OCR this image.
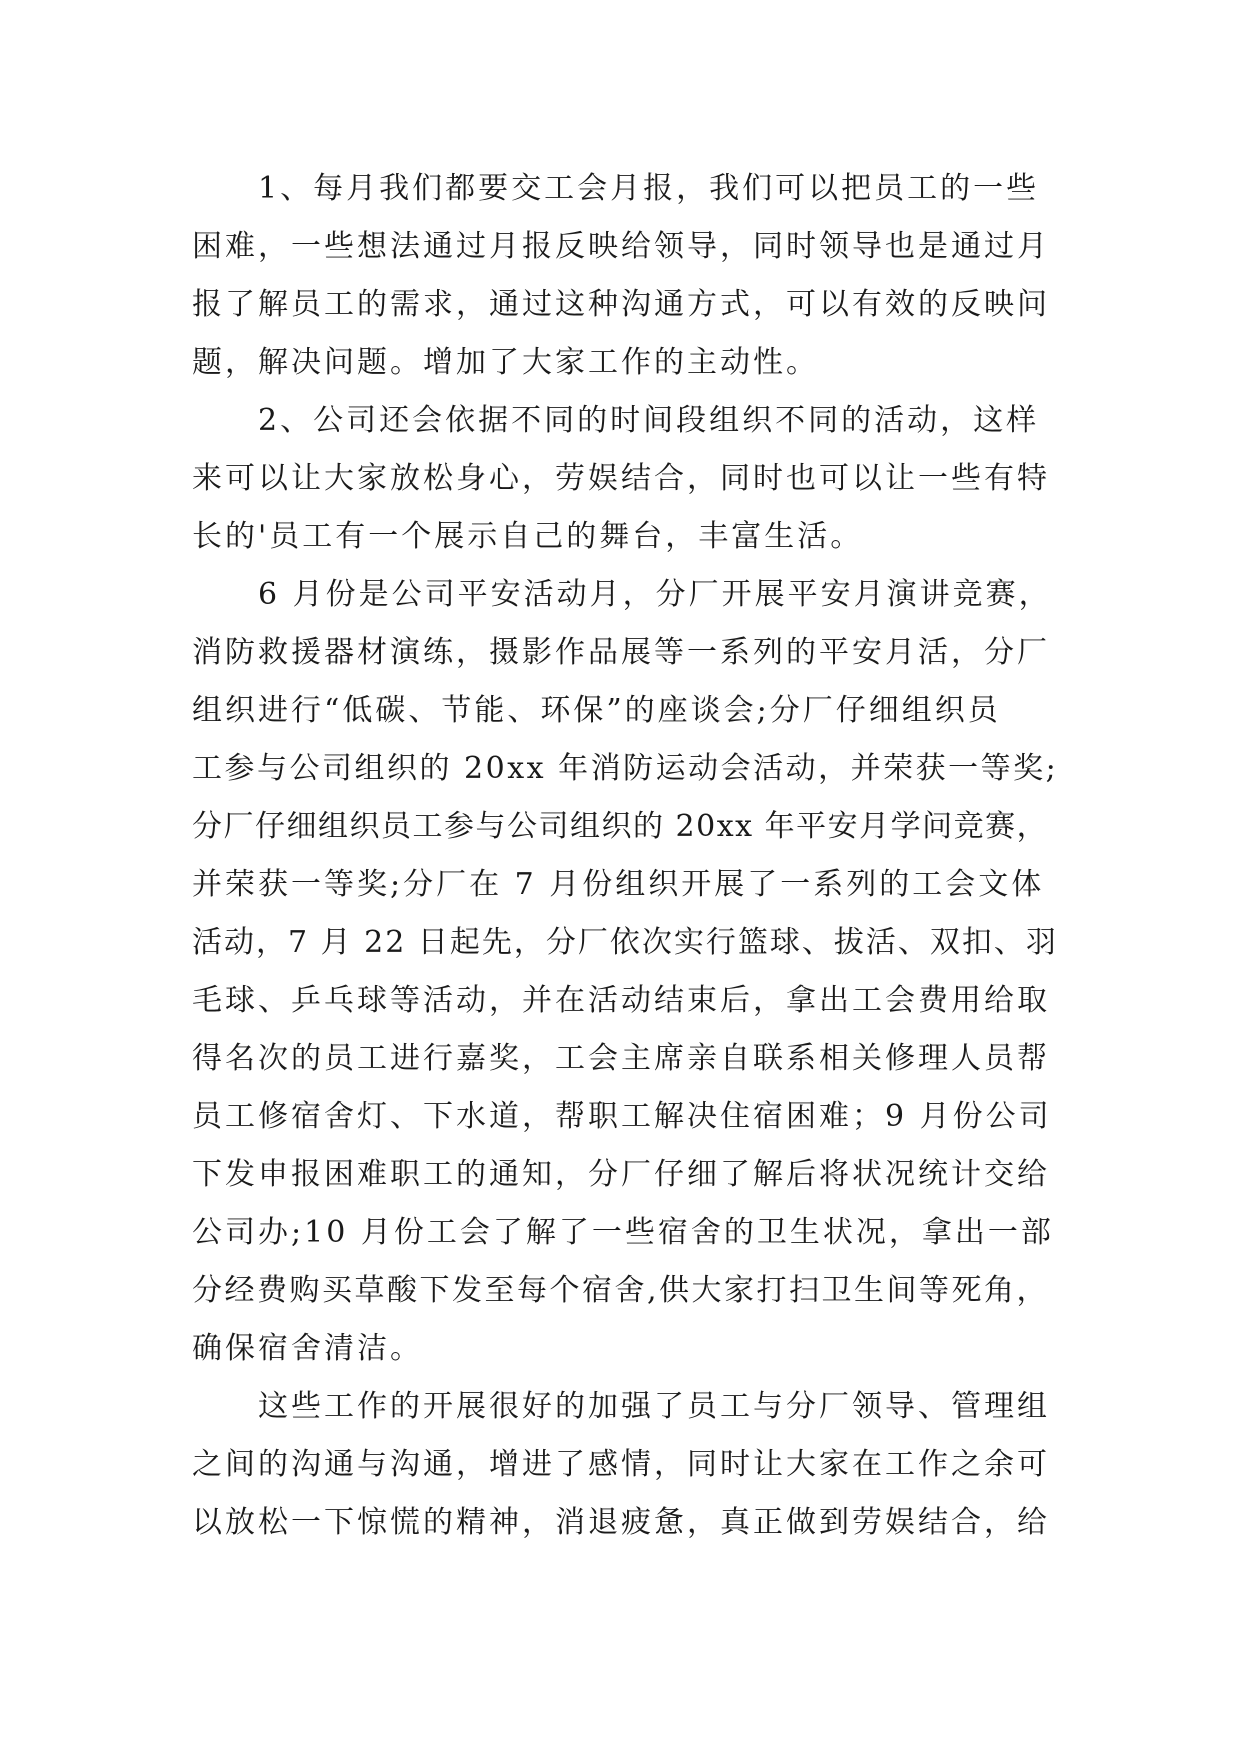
　　1、每月我们都要交工会月报，我们可以把员工的一些
困难，一些想法通过月报反映给领导，同时领导也是通过月
报了解员工的需求，通过这种沟通方式，可以有效的反映问
题，解决问题。增加了大家工作的主动性。
　　2、公司还会依据不同的时间段组织不同的活动，这样
来可以让大家放松身心，劳娱结合，同时也可以让一些有特
长的'员工有一个展示自己的舞台，丰富生活。
　　6 月份是公司平安活动月，分厂开展平安月演讲竞赛，
消防救援器材演练，摄影作品展等一系列的平安月活，分厂
组织进行“低碳、节能、环保”的座谈会;分厂仔细组织员
工参与公司组织的 20xx 年消防运动会活动，并荣获一等奖;
分厂仔细组织员工参与公司组织的 20xx 年平安月学问竞赛，
并荣获一等奖;分厂在 7 月份组织开展了一系列的工会文体
活动，7 月 22 日起先，分厂依次实行篮球、拔活、双扣、羽
毛球、乒乓球等活动，并在活动结束后，拿出工会费用给取
得名次的员工进行嘉奖，工会主席亲自联系相关修理人员帮
员工修宿舍灯、下水道，帮职工解决住宿困难；9 月份公司
下发申报困难职工的通知，分厂仔细了解后将状况统计交给
公司办;10 月份工会了解了一些宿舍的卫生状况，拿出一部
分经费购买草酸下发至每个宿舍,供大家打扫卫生间等死角，
确保宿舍清洁。
　　这些工作的开展很好的加强了员工与分厂领导、管理组
之间的沟通与沟通，增进了感情，同时让大家在工作之余可
以放松一下惊慌的精神，消退疲惫，真正做到劳娱结合，给
